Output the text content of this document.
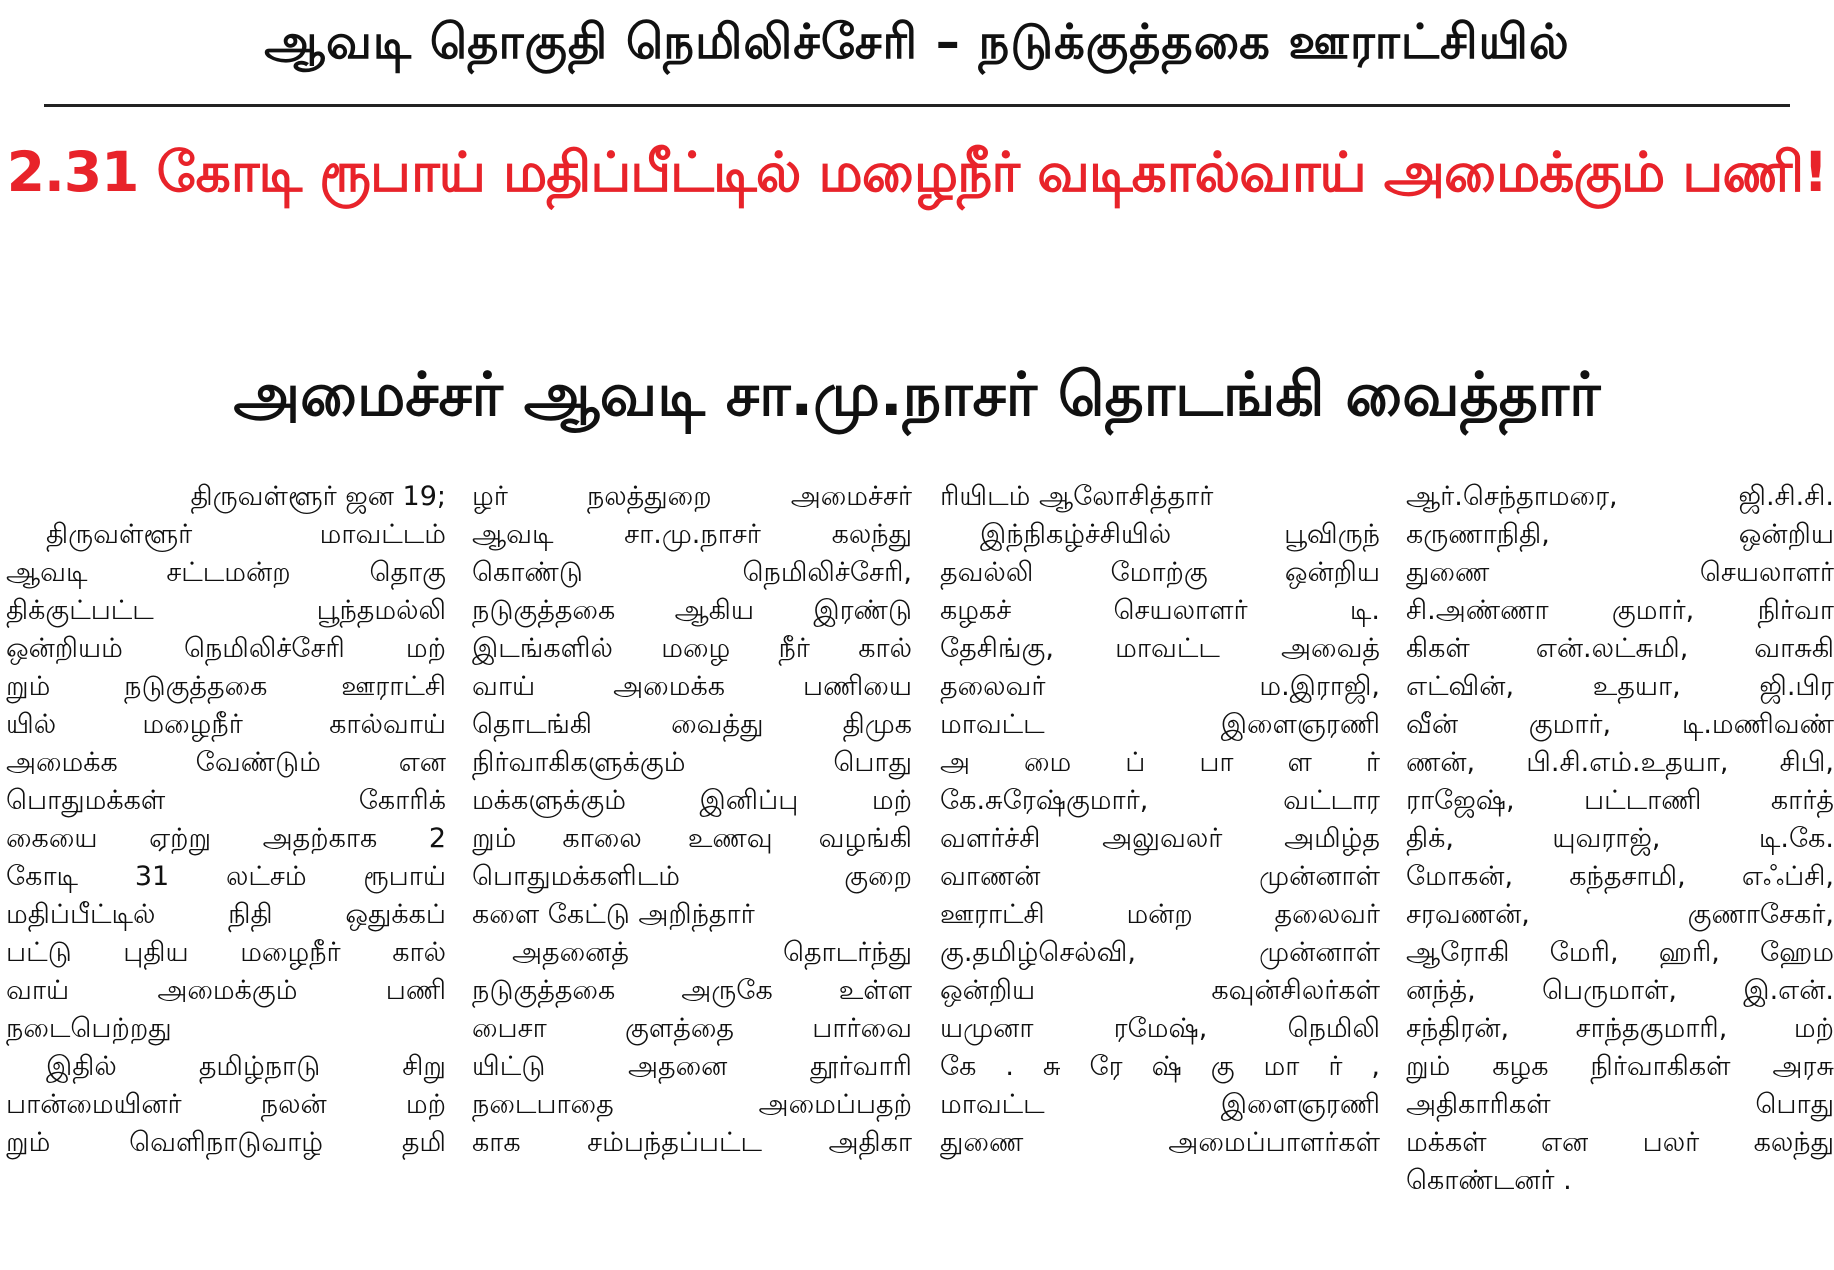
ஆவடி தொகுதி நெமிலிச்சேரி – நடுக்குத்தகை ஊராட்சியில்
2.31 கோடி ரூபாய் மதிப்பீட்டில் மழைநீர் வடிகால்வாய் அமைக்கும் பணி!
அமைச்சர் ஆவடி சா.மு.நாசர் தொடங்கி வைத்தார்
திருவள்ளூர் ஜன 19;
திருவள்ளூர் மாவட்டம்
ஆவடி சட்டமன்ற தொகு
திக்குட்பட்ட பூந்தமல்லி
ஒன்றியம் நெமிலிச்சேரி மற்
றும் நடுகுத்தகை ஊராட்சி
யில் மழைநீர் கால்வாய்
அமைக்க வேண்டும் என
பொதுமக்கள் கோரிக்
கையை ஏற்று அதற்காக 2
கோடி 31 லட்சம் ரூபாய்
மதிப்பீட்டில் நிதி ஒதுக்கப்
பட்டு புதிய மழைநீர் கால்
வாய் அமைக்கும் பணி
நடைபெற்றது
இதில் தமிழ்நாடு சிறு
பான்மையினர் நலன் மற்
றும் வெளிநாடுவாழ் தமி
ழர் நலத்துறை அமைச்சர்
ஆவடி சா.மு.நாசர் கலந்து
கொண்டு நெமிலிச்சேரி,
நடுகுத்தகை ஆகிய இரண்டு
இடங்களில் மழை நீர் கால்
வாய் அமைக்க பணியை
தொடங்கி வைத்து திமுக
நிர்வாகிகளுக்கும் பொது
மக்களுக்கும் இனிப்பு மற்
றும் காலை உணவு வழங்கி
பொதுமக்களிடம் குறை
களை கேட்டு அறிந்தார்
அதனைத் தொடர்ந்து
நடுகுத்தகை அருகே உள்ள
பைசா குளத்தை பார்வை
யிட்டு அதனை தூர்வாரி
நடைபாதை அமைப்பதற்
காக சம்பந்தப்பட்ட அதிகா
ரியிடம் ஆலோசித்தார்
இந்நிகழ்ச்சியில் பூவிருந்
தவல்லி மோற்கு ஒன்றிய
கழகச் செயலாளர் டி.
தேசிங்கு, மாவட்ட அவைத்
தலைவர் ம.இராஜி,
மாவட்ட இளைஞரணி
அ மை ப் பா ள ர்
கே.சுரேஷ்குமார், வட்டார
வளர்ச்சி அலுவலர் அமிழ்த
வாணன் முன்னாள்
ஊராட்சி மன்ற தலைவர்
கு.தமிழ்செல்வி, முன்னாள்
ஒன்றிய கவுன்சிலர்கள்
யமுனா ரமேஷ், நெமிலி
கே . சு ரே ஷ் கு மா ர் ,
மாவட்ட இளைஞரணி
துணை அமைப்பாளர்கள்
ஆர்.செந்தாமரை, ஜி.சி.சி.
கருணாநிதி, ஒன்றிய
துணை செயலாளர்
சி.அண்ணா குமார், நிர்வா
கிகள் என்.லட்சுமி, வாசுகி
எட்வின், உதயா, ஜி.பிர
வீன் குமார், டி.மணிவண்
ணன், பி.சி.எம்.உதயா, சிபி,
ராஜேஷ், பட்டாணி கார்த்
திக், யுவராஜ், டி.கே.
மோகன், கந்தசாமி, எஃப்சி,
சரவணன், குணாசேகர்,
ஆரோகி மேரி, ஹரி, ஹேம
னந்த், பெருமாள், இ.என்.
சந்திரன், சாந்தகுமாரி, மற்
றும் கழக நிர்வாகிகள் அரசு
அதிகாரிகள் பொது
மக்கள் என பலர் கலந்து
கொண்டனர் .
